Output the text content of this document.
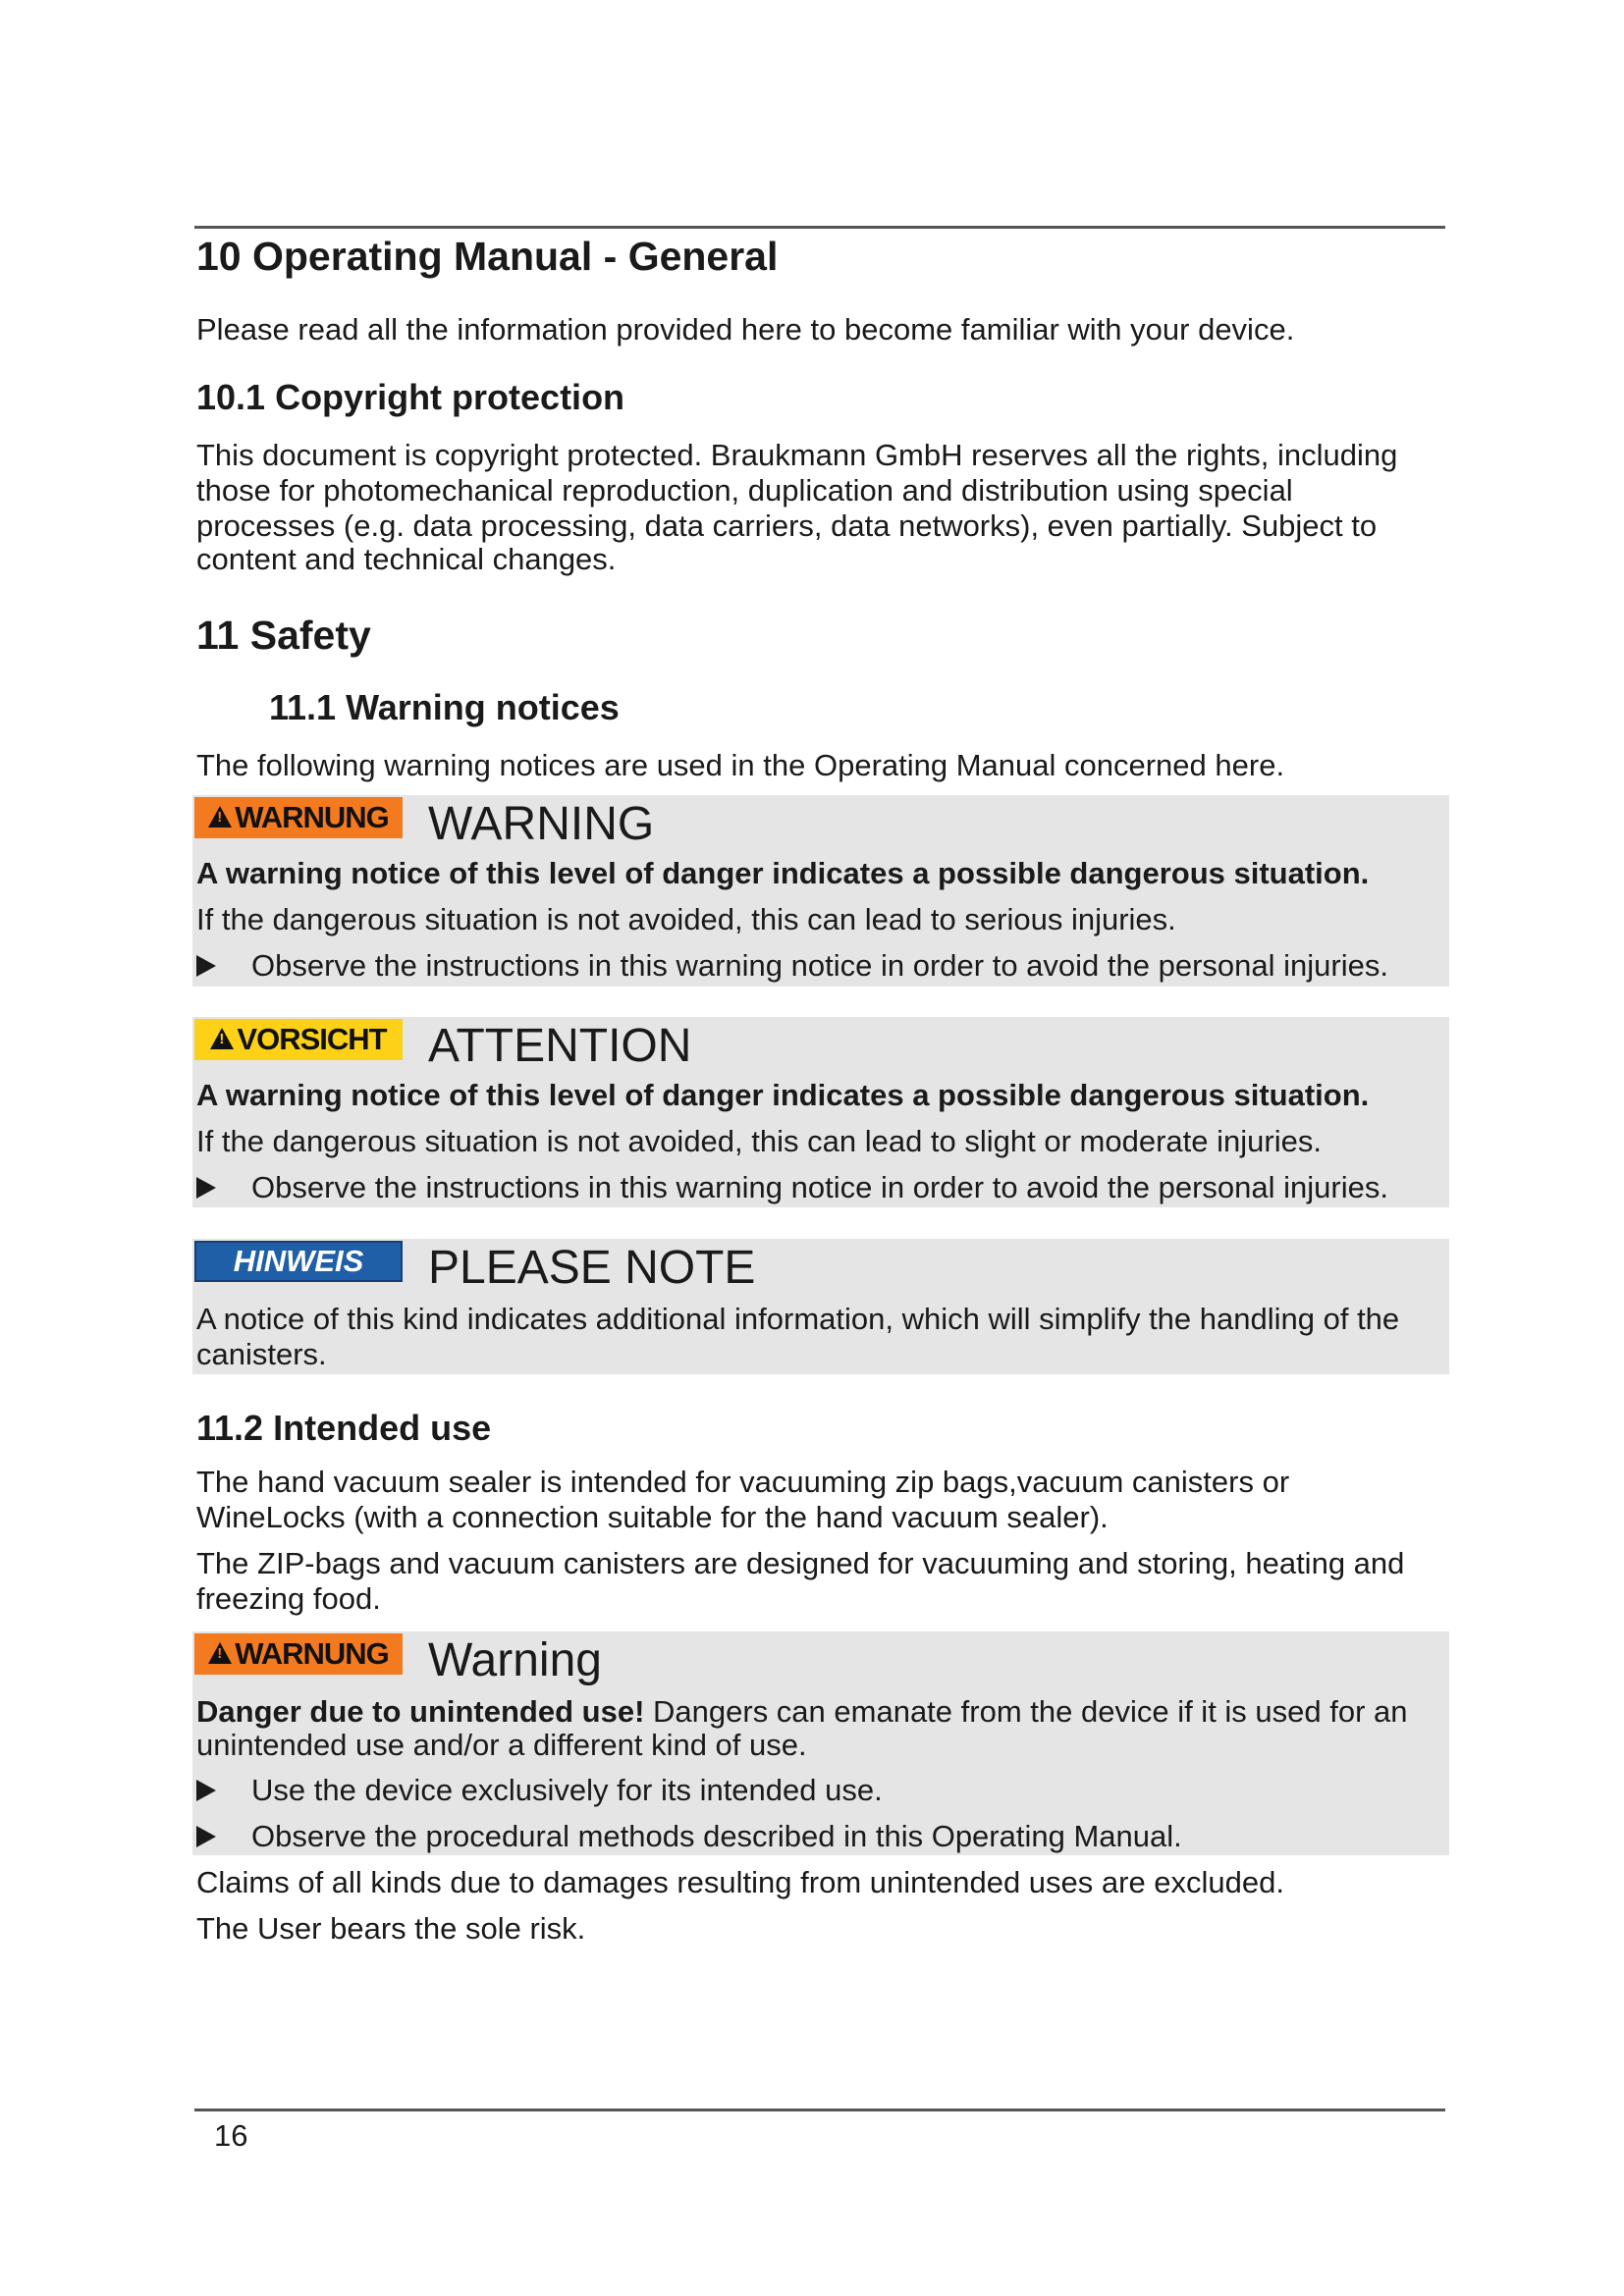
10 Operating Manual - General

Please read all the information provided here to become familiar with your device.

10.1 Copyright protection

This document is copyright protected. Braukmann GmbH reserves all the rights, including

those for photomechanical reproduction, duplication and distribution using special

processes (e.g. data processing, data carriers, data networks), even partially. Subject to

content and technical changes.

11 Safety
11.1 Warning notices

The following warning notices are used in the Operating Manual concerned here.

!
WARNUNG WARNING

A warning notice of this level of danger indicates a possible dangerous situation.

If the dangerous situation is not avoided, this can lead to serious injuries.

Observe the instructions in this warning notice in order to avoid the personal injuries.
!
VORSICHT ATTENTION

A warning notice of this level of danger indicates a possible dangerous situation.

If the dangerous situation is not avoided, this can lead to slight or moderate injuries.

Observe the instructions in this warning notice in order to avoid the personal injuries.
HINWEIS PLEASE NOTE

A notice of this kind indicates additional information, which will simplify the handling of the

canisters.

11.2 Intended use

The hand vacuum sealer is intended for vacuuming zip bags,vacuum canisters or

WineLocks (with a connection suitable for the hand vacuum sealer).

The ZIP-bags and vacuum canisters are designed for vacuuming and storing, heating and

freezing food.

!
WARNUNG Warning

Danger due to unintended use! Dangers can emanate from the device if it is used for an

unintended use and/or a different kind of use.

Use the device exclusively for its intended use.
Observe the procedural methods described in this Operating Manual.

Claims of all kinds due to damages resulting from unintended uses are excluded.

The User bears the sole risk.

16
